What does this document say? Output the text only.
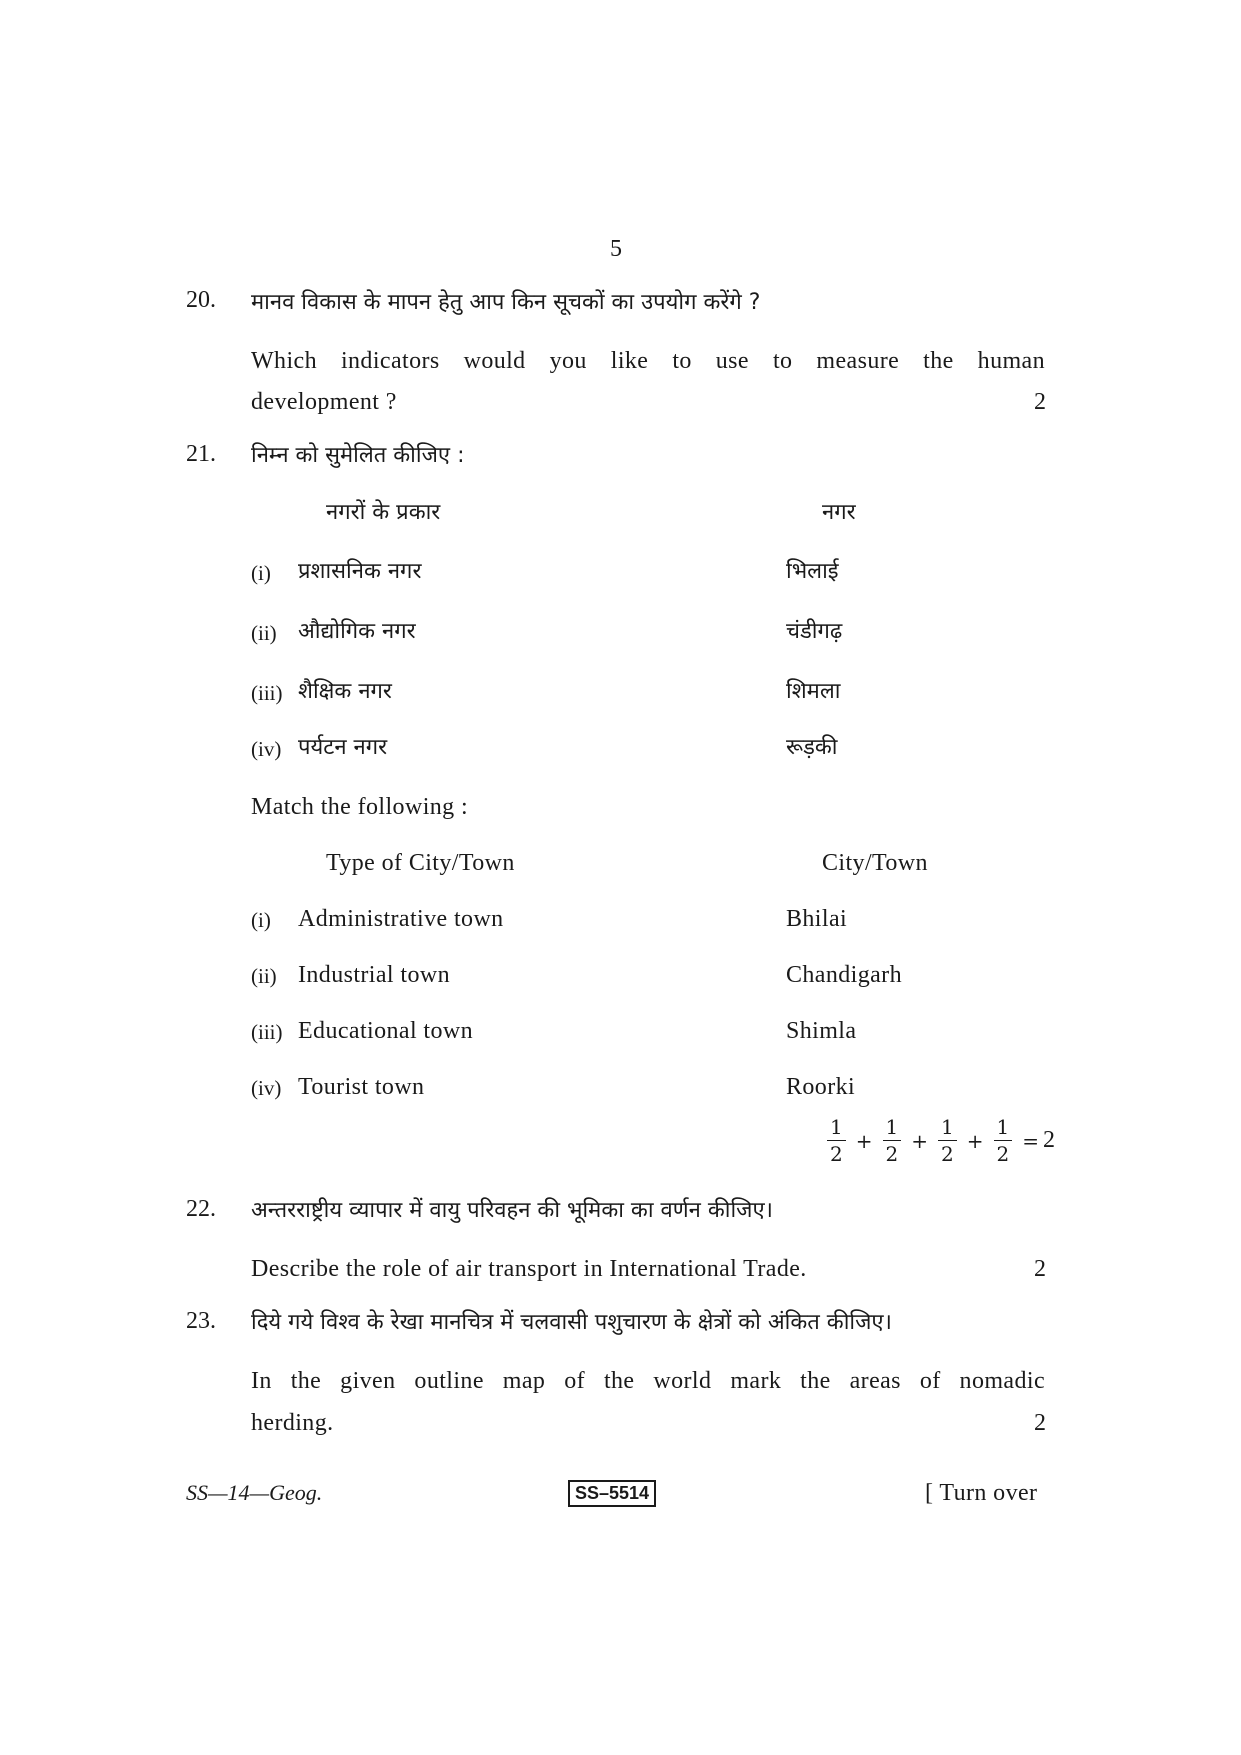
5
20. मानव विकास के मापन हेतु आप किन सूचकों का उपयोग करेंगे ?
Which indicators would you like to use to measure the human
development ?	2
21. निम्न को सुमेलित कीजिए :
नगरों के प्रकार	नगर
(i) प्रशासनिक नगर	भिलाई
(ii) औद्योगिक नगर	चंडीगढ़
(iii) शैक्षिक नगर	शिमला
(iv) पर्यटन नगर	रूड़की
Match the following :
Type of City/Town	City/Town
(i) Administrative town	Bhilai
(ii) Industrial town	Chandigarh
(iii) Educational town	Shimla
(iv) Tourist town	Roorki
$\frac{1}{2} + \frac{1}{2} + \frac{1}{2} + \frac{1}{2} = 2$
22. अन्तरराष्ट्रीय व्यापार में वायु परिवहन की भूमिका का वर्णन कीजिए।
Describe the role of air transport in International Trade.	2
23. दिये गये विश्व के रेखा मानचित्र में चलवासी पशुचारण के क्षेत्रों को अंकित कीजिए।
In the given outline map of the world mark the areas of nomadic
herding.	2
SS—14—Geog.	SS–5514	[ Turn over
